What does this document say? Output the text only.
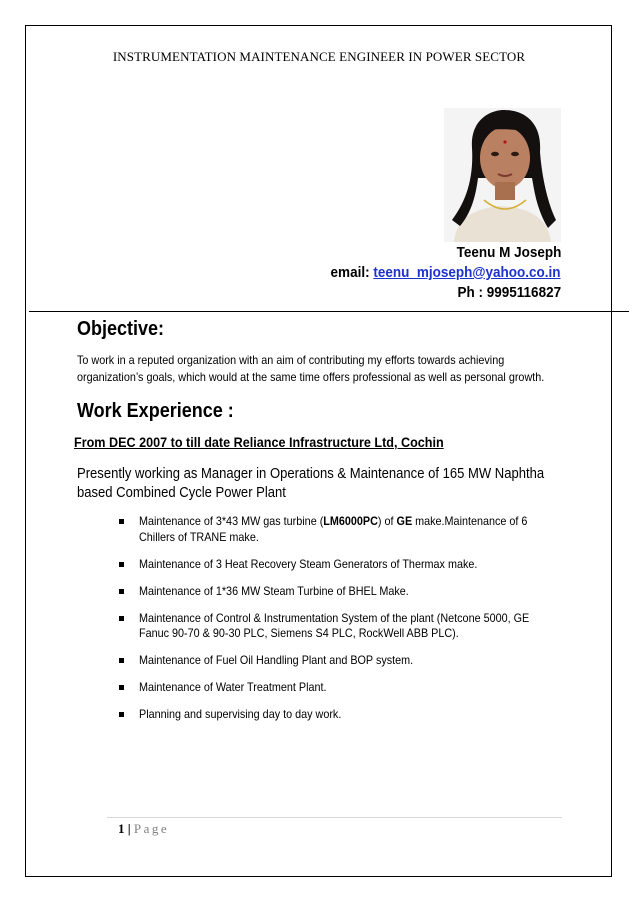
INSTRUMENTATION MAINTENANCE ENGINEER IN POWER SECTOR
Teenu M Joseph
email: teenu_mjoseph@yahoo.co.in
Ph : 9995116827
Objective:
To work in a reputed organization with an aim of contributing my efforts towards achieving organization’s goals, which would at the same time offers professional as well as personal growth.
Work Experience :
From DEC 2007 to till date Reliance Infrastructure Ltd, Cochin
Presently working as Manager in Operations & Maintenance of 165 MW Naphtha based Combined Cycle Power Plant
Maintenance of 3*43 MW gas turbine (LM6000PC) of GE make.Maintenance of 6 Chillers of TRANE make.
Maintenance of 3 Heat Recovery Steam Generators of Thermax make.
Maintenance of 1*36 MW Steam Turbine of BHEL Make.
Maintenance of Control & Instrumentation System of the plant (Netcone 5000, GE Fanuc 90-70 & 90-30 PLC, Siemens S4 PLC, RockWell ABB PLC).
Maintenance of Fuel Oil Handling Plant and BOP system.
Maintenance of Water Treatment Plant.
Planning and supervising day to day work.
1 | Page
